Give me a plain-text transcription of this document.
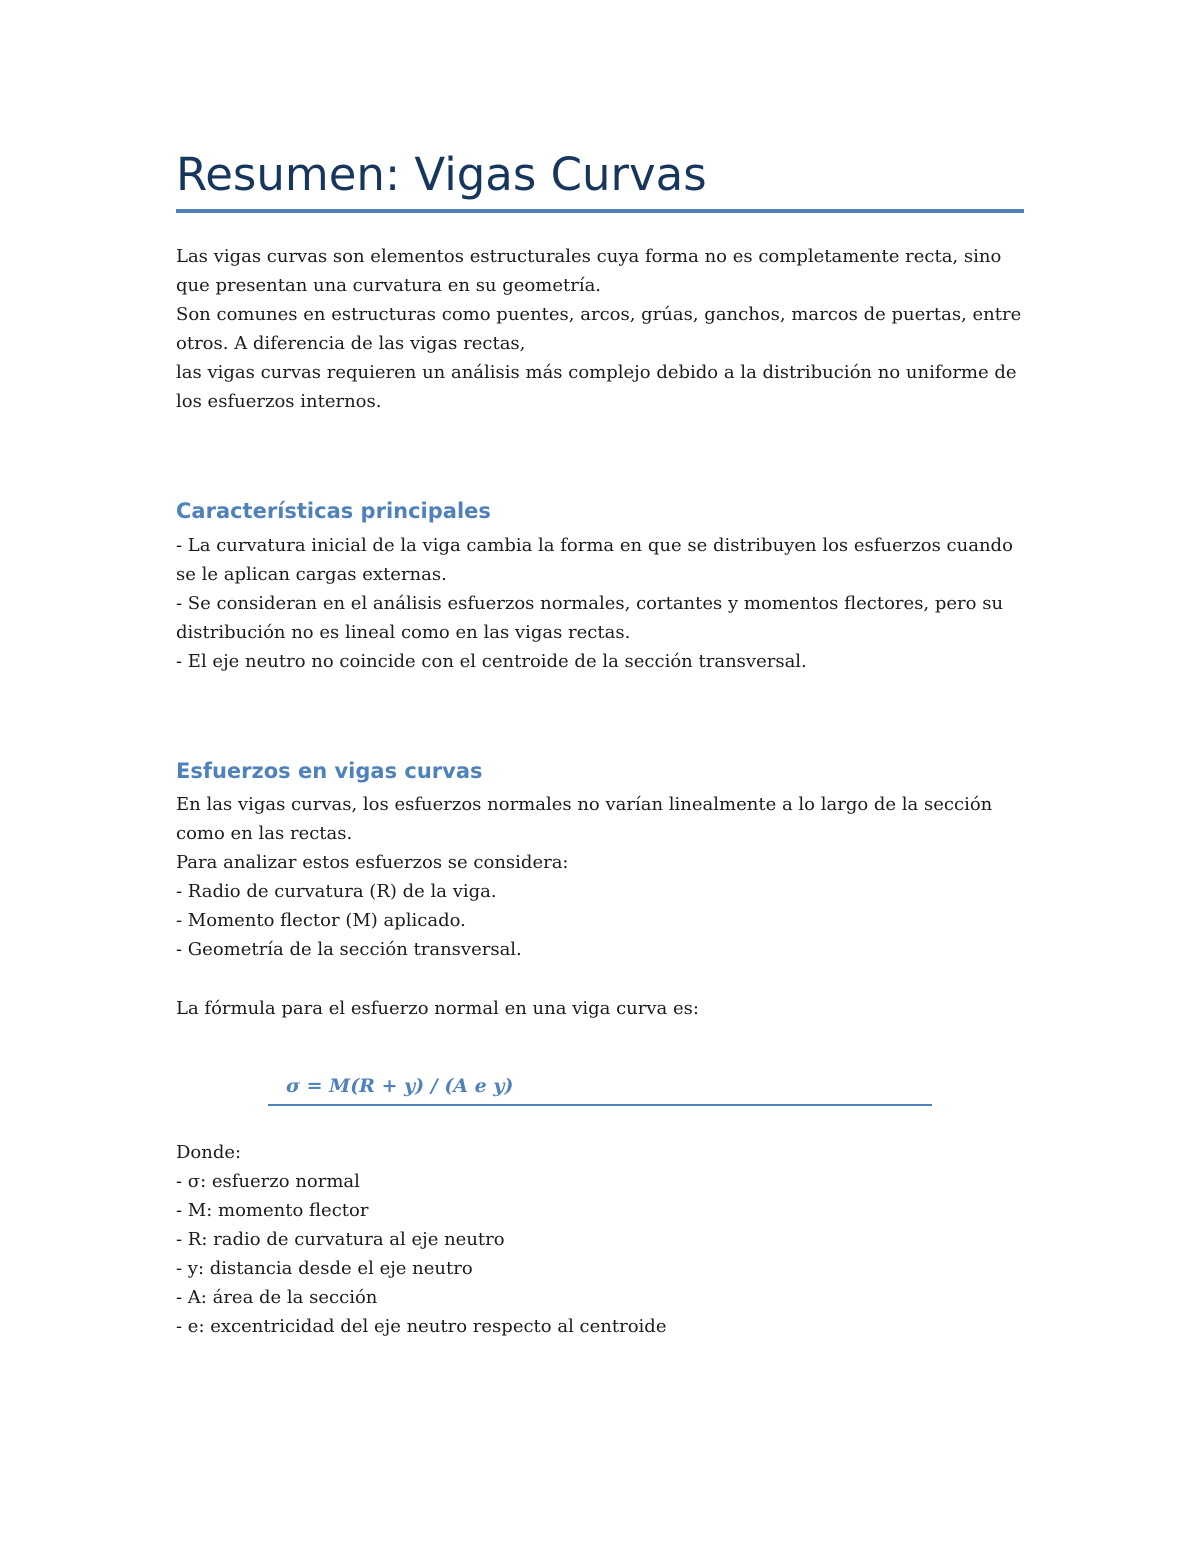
Resumen: Vigas Curvas
Las vigas curvas son elementos estructurales cuya forma no es completamente recta, sino
que presentan una curvatura en su geometría.
Son comunes en estructuras como puentes, arcos, grúas, ganchos, marcos de puertas, entre
otros. A diferencia de las vigas rectas,
las vigas curvas requieren un análisis más complejo debido a la distribución no uniforme de
los esfuerzos internos.
Características principales
- La curvatura inicial de la viga cambia la forma en que se distribuyen los esfuerzos cuando
se le aplican cargas externas.
- Se consideran en el análisis esfuerzos normales, cortantes y momentos flectores, pero su
distribución no es lineal como en las vigas rectas.
- El eje neutro no coincide con el centroide de la sección transversal.
Esfuerzos en vigas curvas
En las vigas curvas, los esfuerzos normales no varían linealmente a lo largo de la sección
como en las rectas.
Para analizar estos esfuerzos se considera:
- Radio de curvatura (R) de la viga.
- Momento flector (M) aplicado.
- Geometría de la sección transversal.
La fórmula para el esfuerzo normal en una viga curva es:
σ = M(R + y) / (A e y)
Donde:
- σ: esfuerzo normal
- M: momento flector
- R: radio de curvatura al eje neutro
- y: distancia desde el eje neutro
- A: área de la sección
- e: excentricidad del eje neutro respecto al centroide
